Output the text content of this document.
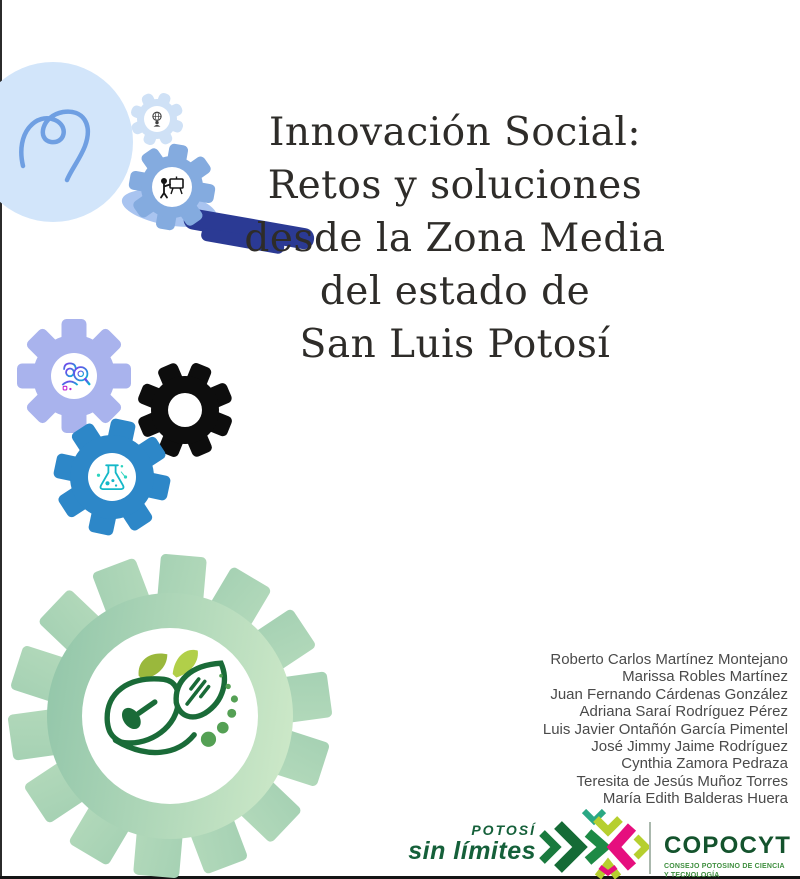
Innovación Social:
Retos y soluciones
desde la Zona Media
del estado de
San Luis Potosí
Roberto Carlos Martínez Montejano
Marissa Robles Martínez
Juan Fernando Cárdenas González
Adriana Saraí Rodríguez Pérez
Luis Javier Ontañón García Pimentel
José Jimmy Jaime Rodríguez
Cynthia Zamora Pedraza
Teresita de Jesús Muñoz Torres
María Edith Balderas Huera
POTOSÍ
sin límites	COPOCYT
CONSEJO POTOSINO DE CIENCIA
Y TECNOLOGÍA
